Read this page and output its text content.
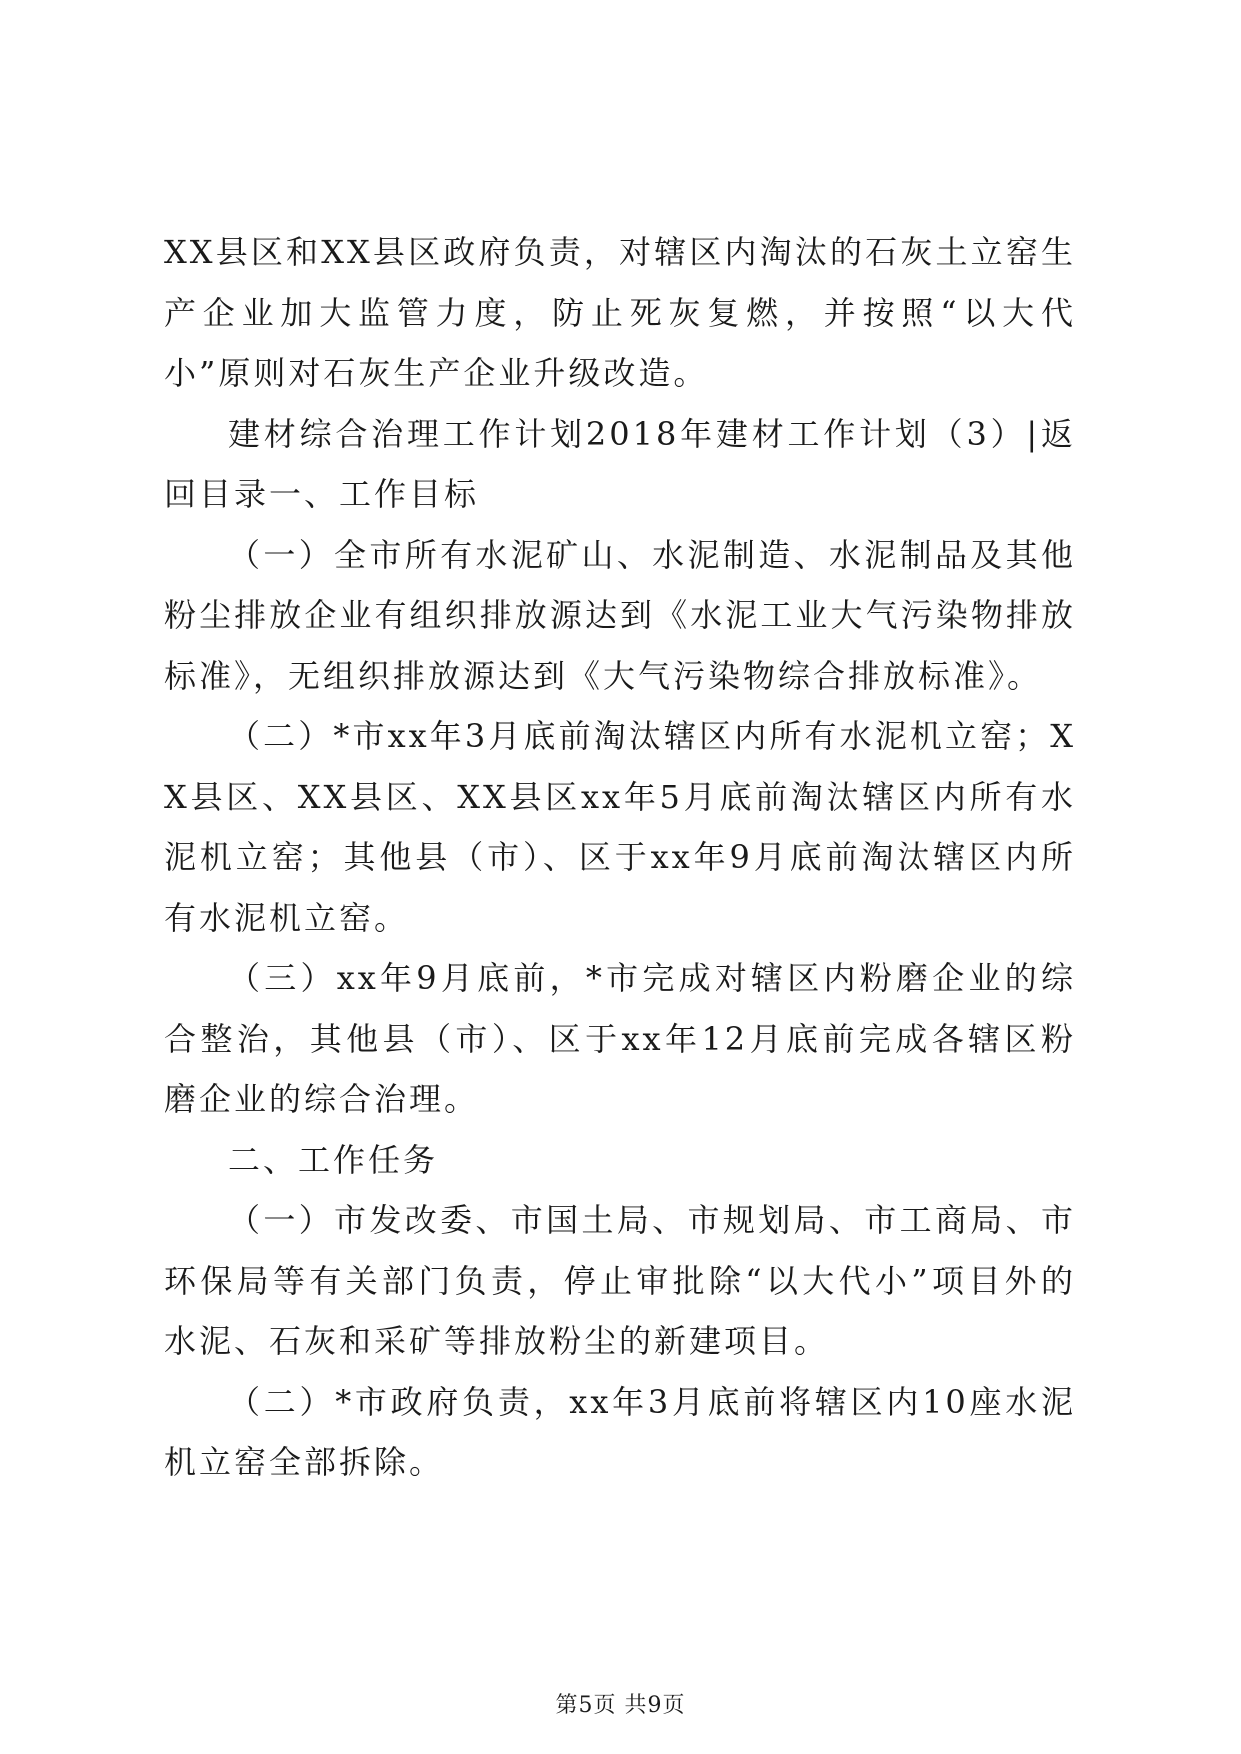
XX县区和XX县区政府负责，对辖区内淘汰的石灰土立窑生产企业加大监管力度，防止死灰复燃，并按照“以大代小”原则对石灰生产企业升级改造。

建材综合治理工作计划2018年建材工作计划（3）|返回目录一、工作目标

（一）全市所有水泥矿山、水泥制造、水泥制品及其他粉尘排放企业有组织排放源达到《水泥工业大气污染物排放标准》，无组织排放源达到《大气污染物综合排放标准》。

（二）*市xx年3月底前淘汰辖区内所有水泥机立窑；XX县区、XX县区、XX县区xx年5月底前淘汰辖区内所有水泥机立窑；其他县（市）、区于xx年9月底前淘汰辖区内所有水泥机立窑。

（三）xx年9月底前，*市完成对辖区内粉磨企业的综合整治，其他县（市）、区于xx年12月底前完成各辖区粉磨企业的综合治理。

二、工作任务

（一）市发改委、市国土局、市规划局、市工商局、市环保局等有关部门负责，停止审批除“以大代小”项目外的水泥、石灰和采矿等排放粉尘的新建项目。

（二）*市政府负责，xx年3月底前将辖区内10座水泥机立窑全部拆除。

第5页 共9页
